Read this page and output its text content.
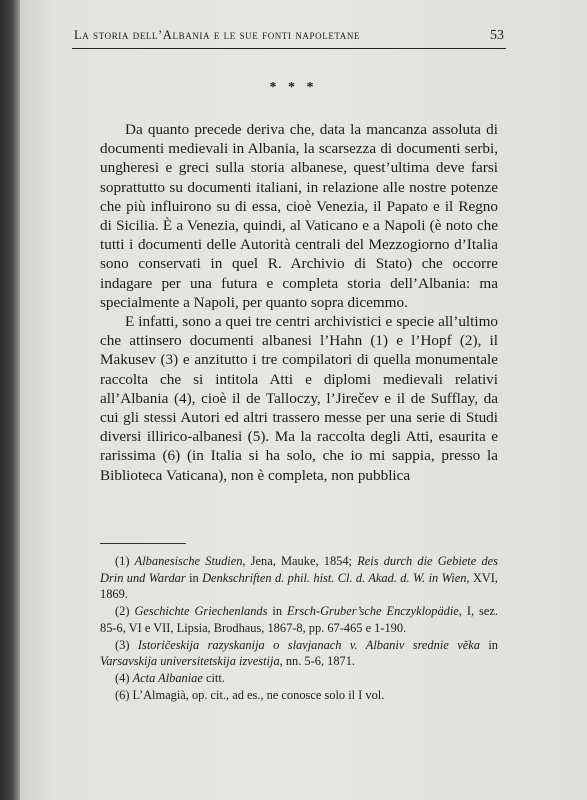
La storia dell’Albania e le sue fonti napoletane	53
* * *

Da quanto precede deriva che, data la mancanza assoluta di documenti medievali in Albania, la scarsezza di documenti serbi, ungheresi e greci sulla storia albanese, quest’ultima deve farsi soprattutto su documenti italiani, in relazione alle nostre potenze che più influirono su di essa, cioè Venezia, il Papato e il Regno di Sicilia. È a Venezia, quindi, al Vaticano e a Napoli (è noto che tutti i documenti delle Autorità centrali del Mezzogiorno d’Italia sono conservati in quel R. Archivio di Stato) che occorre indagare per una futura e completa storia dell’Albania: ma specialmente a Napoli, per quanto sopra dicemmo.

E infatti, sono a quei tre centri archivistici e specie all’ultimo che attinsero documenti albanesi l’Hahn (1) e l’Hopf (2), il Makusev (3) e anzitutto i tre compilatori di quella monumentale raccolta che si intitola Atti e diplomi medievali relativi all’Albania (4), cioè il de Talloczy, l’Jirečev e il de Sufflay, da cui gli stessi Autori ed altri trassero messe per una serie di Studi diversi illirico-albanesi (5). Ma la raccolta degli Atti, esaurita e rarissima (6) (in Italia si ha solo, che io mi sappia, presso la Biblioteca Vaticana), non è completa, non pubblica

(1) Albanesische Studien, Jena, Mauke, 1854; Reis durch die Gebiete des Drin und Wardar in Denkschriften d. phil. hist. Cl. d. Akad. d. W. in Wien, XVI, 1869.

(2) Geschichte Griechenlands in Ersch-Gruber’sche Enczyklopädie, I, sez. 85-6, VI e VII, Lipsia, Brodhaus, 1867-8, pp. 67-465 e 1-190.

(3) Istoričeskija razyskanija o slavjanach v. Albaniv srednie věka in Varsavskija universitetskija izvestija, nn. 5-6, 1871.

(4) Acta Albaniae citt.

(6) L’Almagià, op. cit., ad es., ne conosce solo il I vol.
